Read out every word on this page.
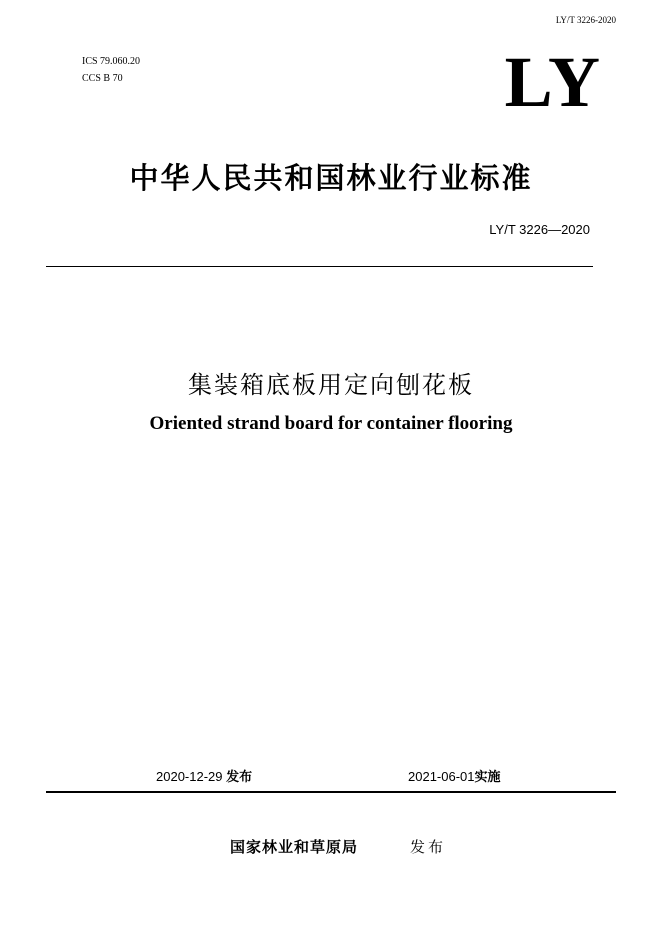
LY/T 3226-2020
ICS 79.060.20
CCS B 70	LY
中华人民共和国林业行业标准
LY/T 3226—2020
集装箱底板用定向刨花板
Oriented strand board for container flooring
2020-12-29 发布	2021-06-01实施
国家林业和草原局	发布
